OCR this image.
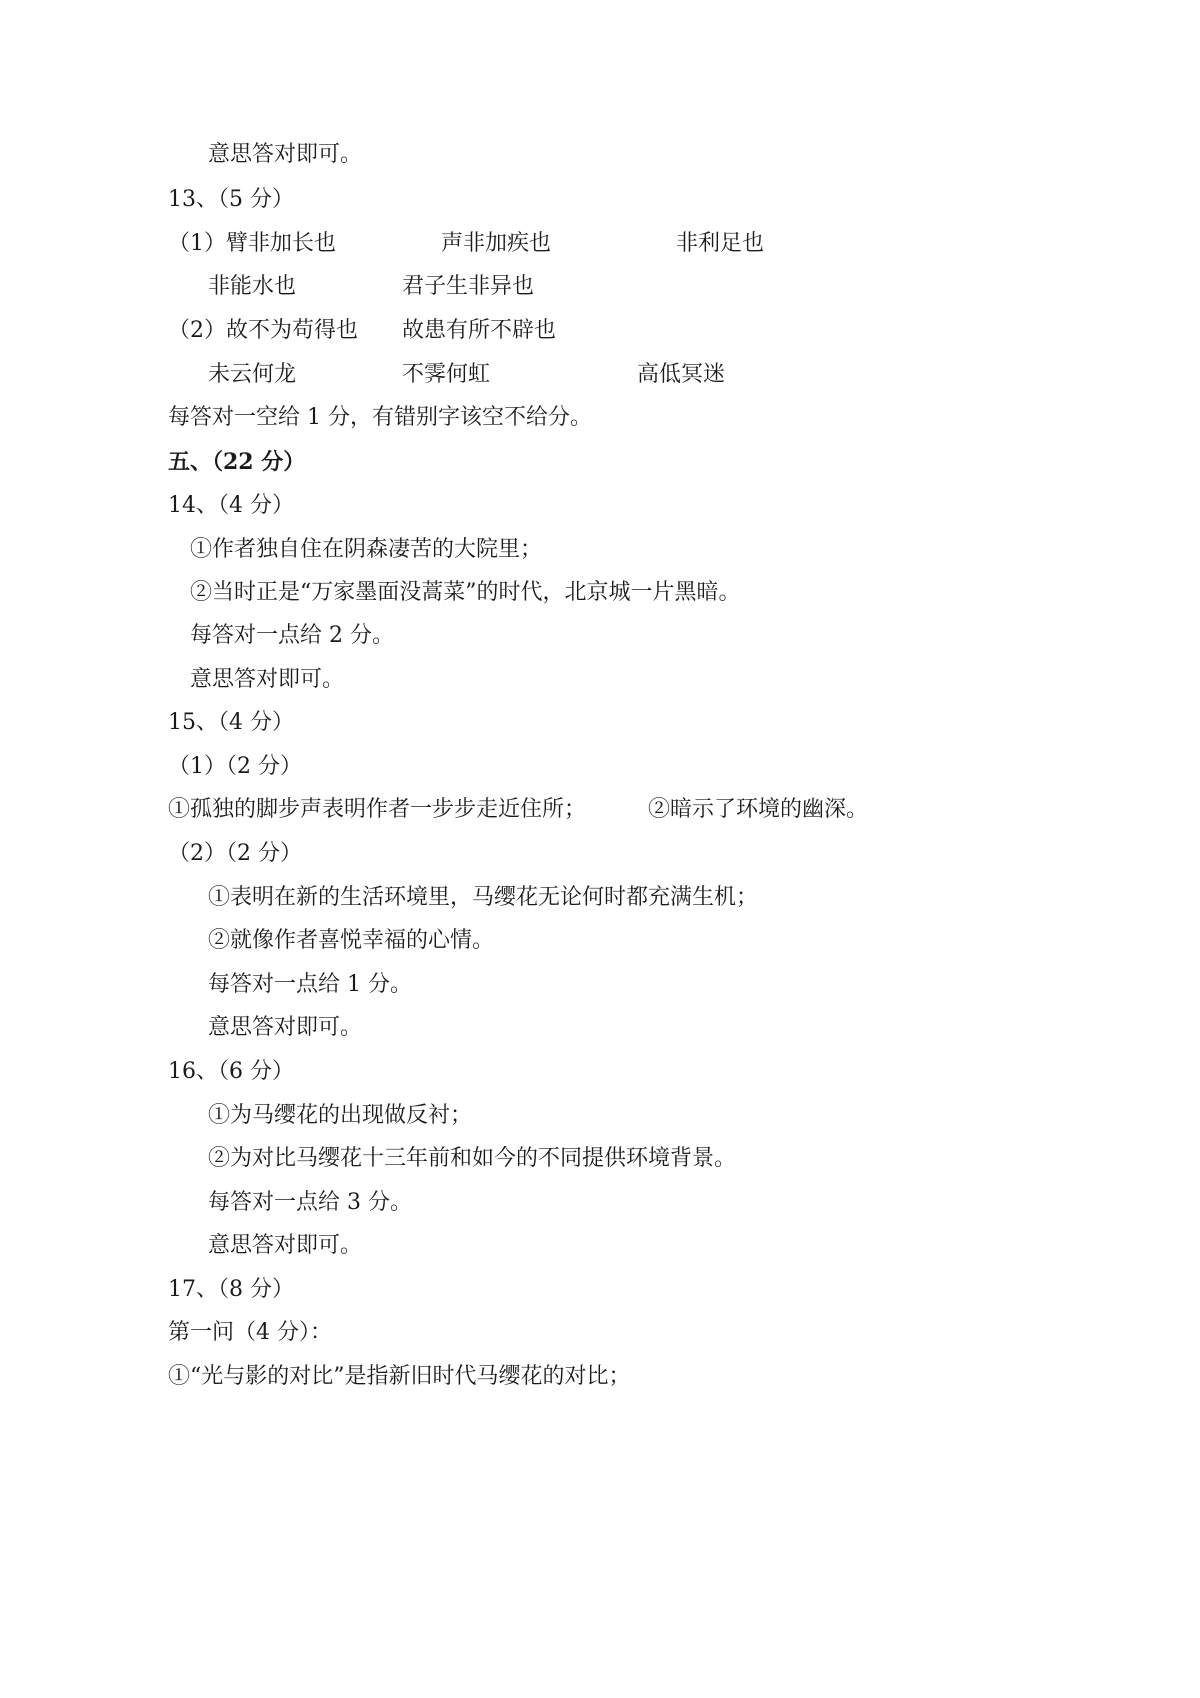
意思答对即可。
13、（5 分）
（1） 臂非加长也	声非加疾也	非利足也
非能水也	君子生非异也
（2） 故不为苟得也 故患有所不辟也
未云何龙	不霁何虹	高低冥迷
每答对一空给 1 分，有错别字该空不给分。
五、（22 分）
14、（4 分）
①作者独自住在阴森凄苦的大院里；
②当时正是“万家墨面没蒿菜”的时代，北京城一片黑暗。
每答对一点给 2 分。
意思答对即可。
15、（4 分）
（1）（2 分）
①孤独的脚步声表明作者一步步走近住所；	②暗示了环境的幽深。
（2）（2 分）
①表明在新的生活环境里，马缨花无论何时都充满生机；
②就像作者喜悦幸福的心情。
每答对一点给 1 分。
意思答对即可。
16、（6 分）
①为马缨花的出现做反衬；
②为对比马缨花十三年前和如今的不同提供环境背景。
每答对一点给 3 分。
意思答对即可。
17、（8 分）
第一问（4 分）：
①“光与影的对比”是指新旧时代马缨花的对比；
